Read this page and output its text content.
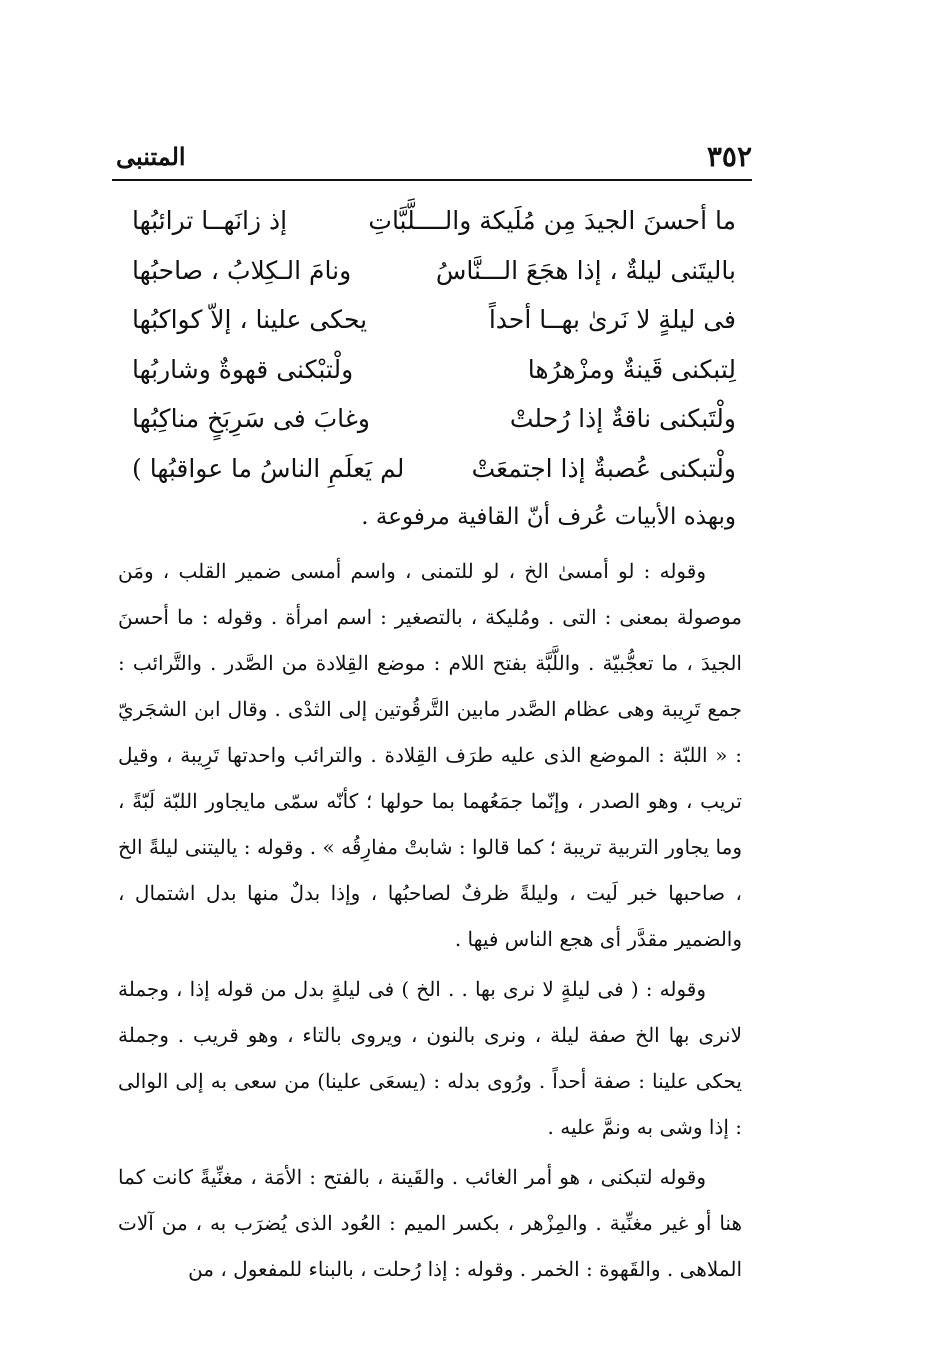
٣٥٢
المتنبى
ما أحسنَ الجيدَ مِن مُلَيكة والــــلَّبَّاتِ
إذ زانَهــا ترائبُها
باليتَنى ليلةٌ ، إذا هجَعَ الـــنَّاسُ
ونامَ الـكِلابُ ، صاحبُها
فى ليلةٍ لا نَرىٰ بهــا أحداً
يحكى علينا ، إلاّ كواكبُها
لِتبكنى قَينةٌ ومزْهرُها
ولْتبْكنى قهوةٌ وشاربُها
ولْتَبكنى ناقةٌ إذا رُحلتْ
وغابَ فى سَرِبَخٍ مناكِبُها
ولْتبكنى عُصبةٌ إذا اجتمعَتْ
لم يَعلَمِ الناسُ ما عواقبُها )
وبهذه الأبيات عُرف أنّ القافية مرفوعة .

وقوله : لو أمسىٰ الخ ، لو للتمنى ، واسم أمسى ضمير القلب ، ومَن موصولة بمعنى : التى . ومُليكة ، بالتصغير : اسم امرأة . وقوله : ما أحسنَ الجيدَ ، ما تعجُّبيّة . واللَّبَّة بفتح اللام : موضع القِلادة من الصَّدر . والتَّرائب : جمع تَرِيبة وهى عظام الصَّدر مابين التَّرقُوتين إلى الثدْى . وقال ابن الشجَريّ : « اللبّة : الموضع الذى عليه طرَف القِلادة . والترائب واحدتها تَرِيبة ، وقيل تريب ، وهو الصدر ، وإنّما جمَعُهما بما حولها ؛ كأنّه سمّى مايجاور اللبّة لَبّةً ، وما يجاور التربية تريبة ؛ كما قالوا : شابتْ مفارِقُه » . وقوله : ياليتنى ليلةً الخ ، صاحبها خبر لَيت ، وليلةً ظرفٌ لصاحبُها ، وإذا بدلٌ منها بدل اشتمال ، والضمير مقدَّر أى هجع الناس فيها .

وقوله : ( فى ليلةٍ لا نرى بها . . الخ ) فى ليلةٍ بدل من قوله إذا ، وجملة لانرى بها الخ صفة ليلة ، ونرى بالنون ، ويروى بالتاء ، وهو قريب . وجملة يحكى علينا : صفة أحداً . ورُوى بدله : (يسعَى علينا) من سعى به إلى الوالى : إذا وشى به ونمَّ عليه .

وقوله لتبكنى ، هو أمر الغائب . والقَينة ، بالفتح : الأمَة ، مغنِّيةً كانت كما هنا أو غير مغنِّية . والمِزْهر ، بكسر الميم : العُود الذى يُضرَب به ، من آلات الملاهى . والقَهوة : الخمر . وقوله : إذا رُحلت ، بالبناء للمفعول ، من
